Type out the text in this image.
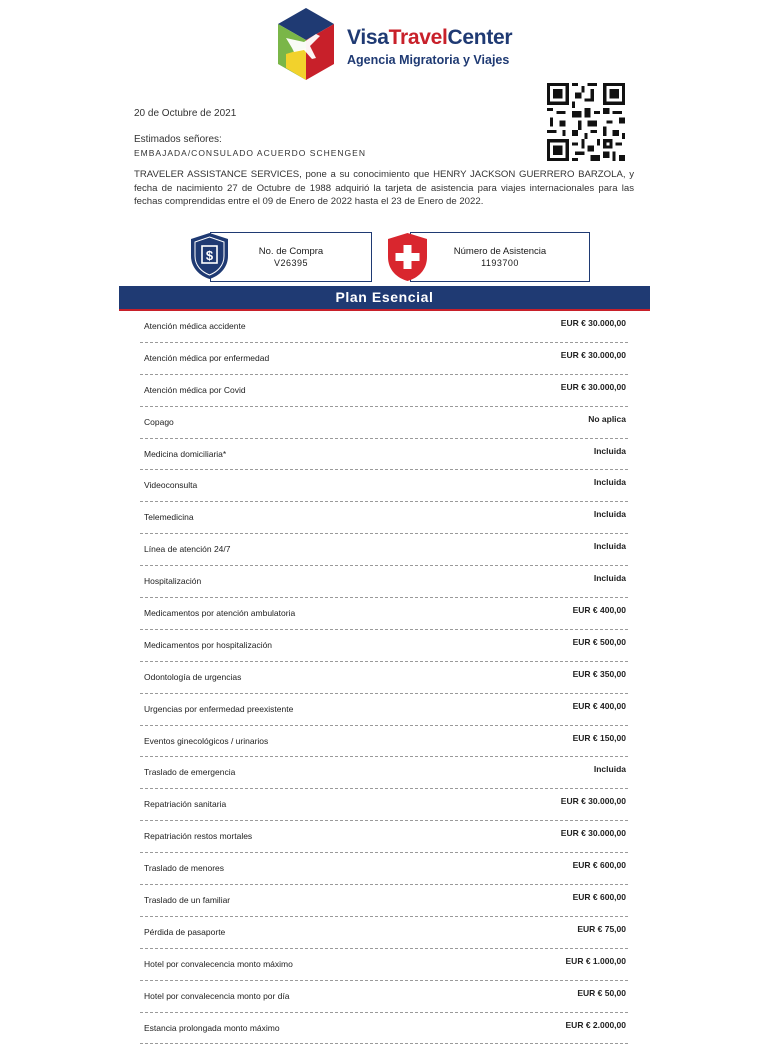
VisaTravelCenter
Agencia Migratoria y Viajes
20 de Octubre de 2021
Estimados señores:
EMBAJADA/CONSULADO ACUERDO SCHENGEN
TRAVELER ASSISTANCE SERVICES, pone a su conocimiento que HENRY JACKSON GUERRERO BARZOLA, y fecha de nacimiento 27 de Octubre de 1988 adquirió la tarjeta de asistencia para viajes internacionales para las fechas comprendidas entre el 09 de Enero de 2022 hasta el 23 de Enero de 2022.
No. de Compra
V26395
$	Número de Asistencia
1193700
Plan Esencial
Atención médica accidente	EUR € 30.000,00
Atención médica por enfermedad	EUR € 30.000,00
Atención médica por Covid	EUR € 30.000,00
Copago	No aplica
Medicina domiciliaria*	Incluida
Videoconsulta	Incluida
Telemedicina	Incluida
Línea de atención 24/7	Incluida
Hospitalización	Incluida
Medicamentos por atención ambulatoria	EUR € 400,00
Medicamentos por hospitalización	EUR € 500,00
Odontología de urgencias	EUR € 350,00
Urgencias por enfermedad preexistente	EUR € 400,00
Eventos ginecológicos / urinarios	EUR € 150,00
Traslado de emergencia	Incluida
Repatriación sanitaria	EUR € 30.000,00
Repatriación restos mortales	EUR € 30.000,00
Traslado de menores	EUR € 600,00
Traslado de un familiar	EUR € 600,00
Pérdida de pasaporte	EUR € 75,00
Hotel por convalecencia monto máximo	EUR € 1.000,00
Hotel por convalecencia monto por día	EUR € 50,00
Estancia prolongada monto máximo	EUR € 2.000,00
